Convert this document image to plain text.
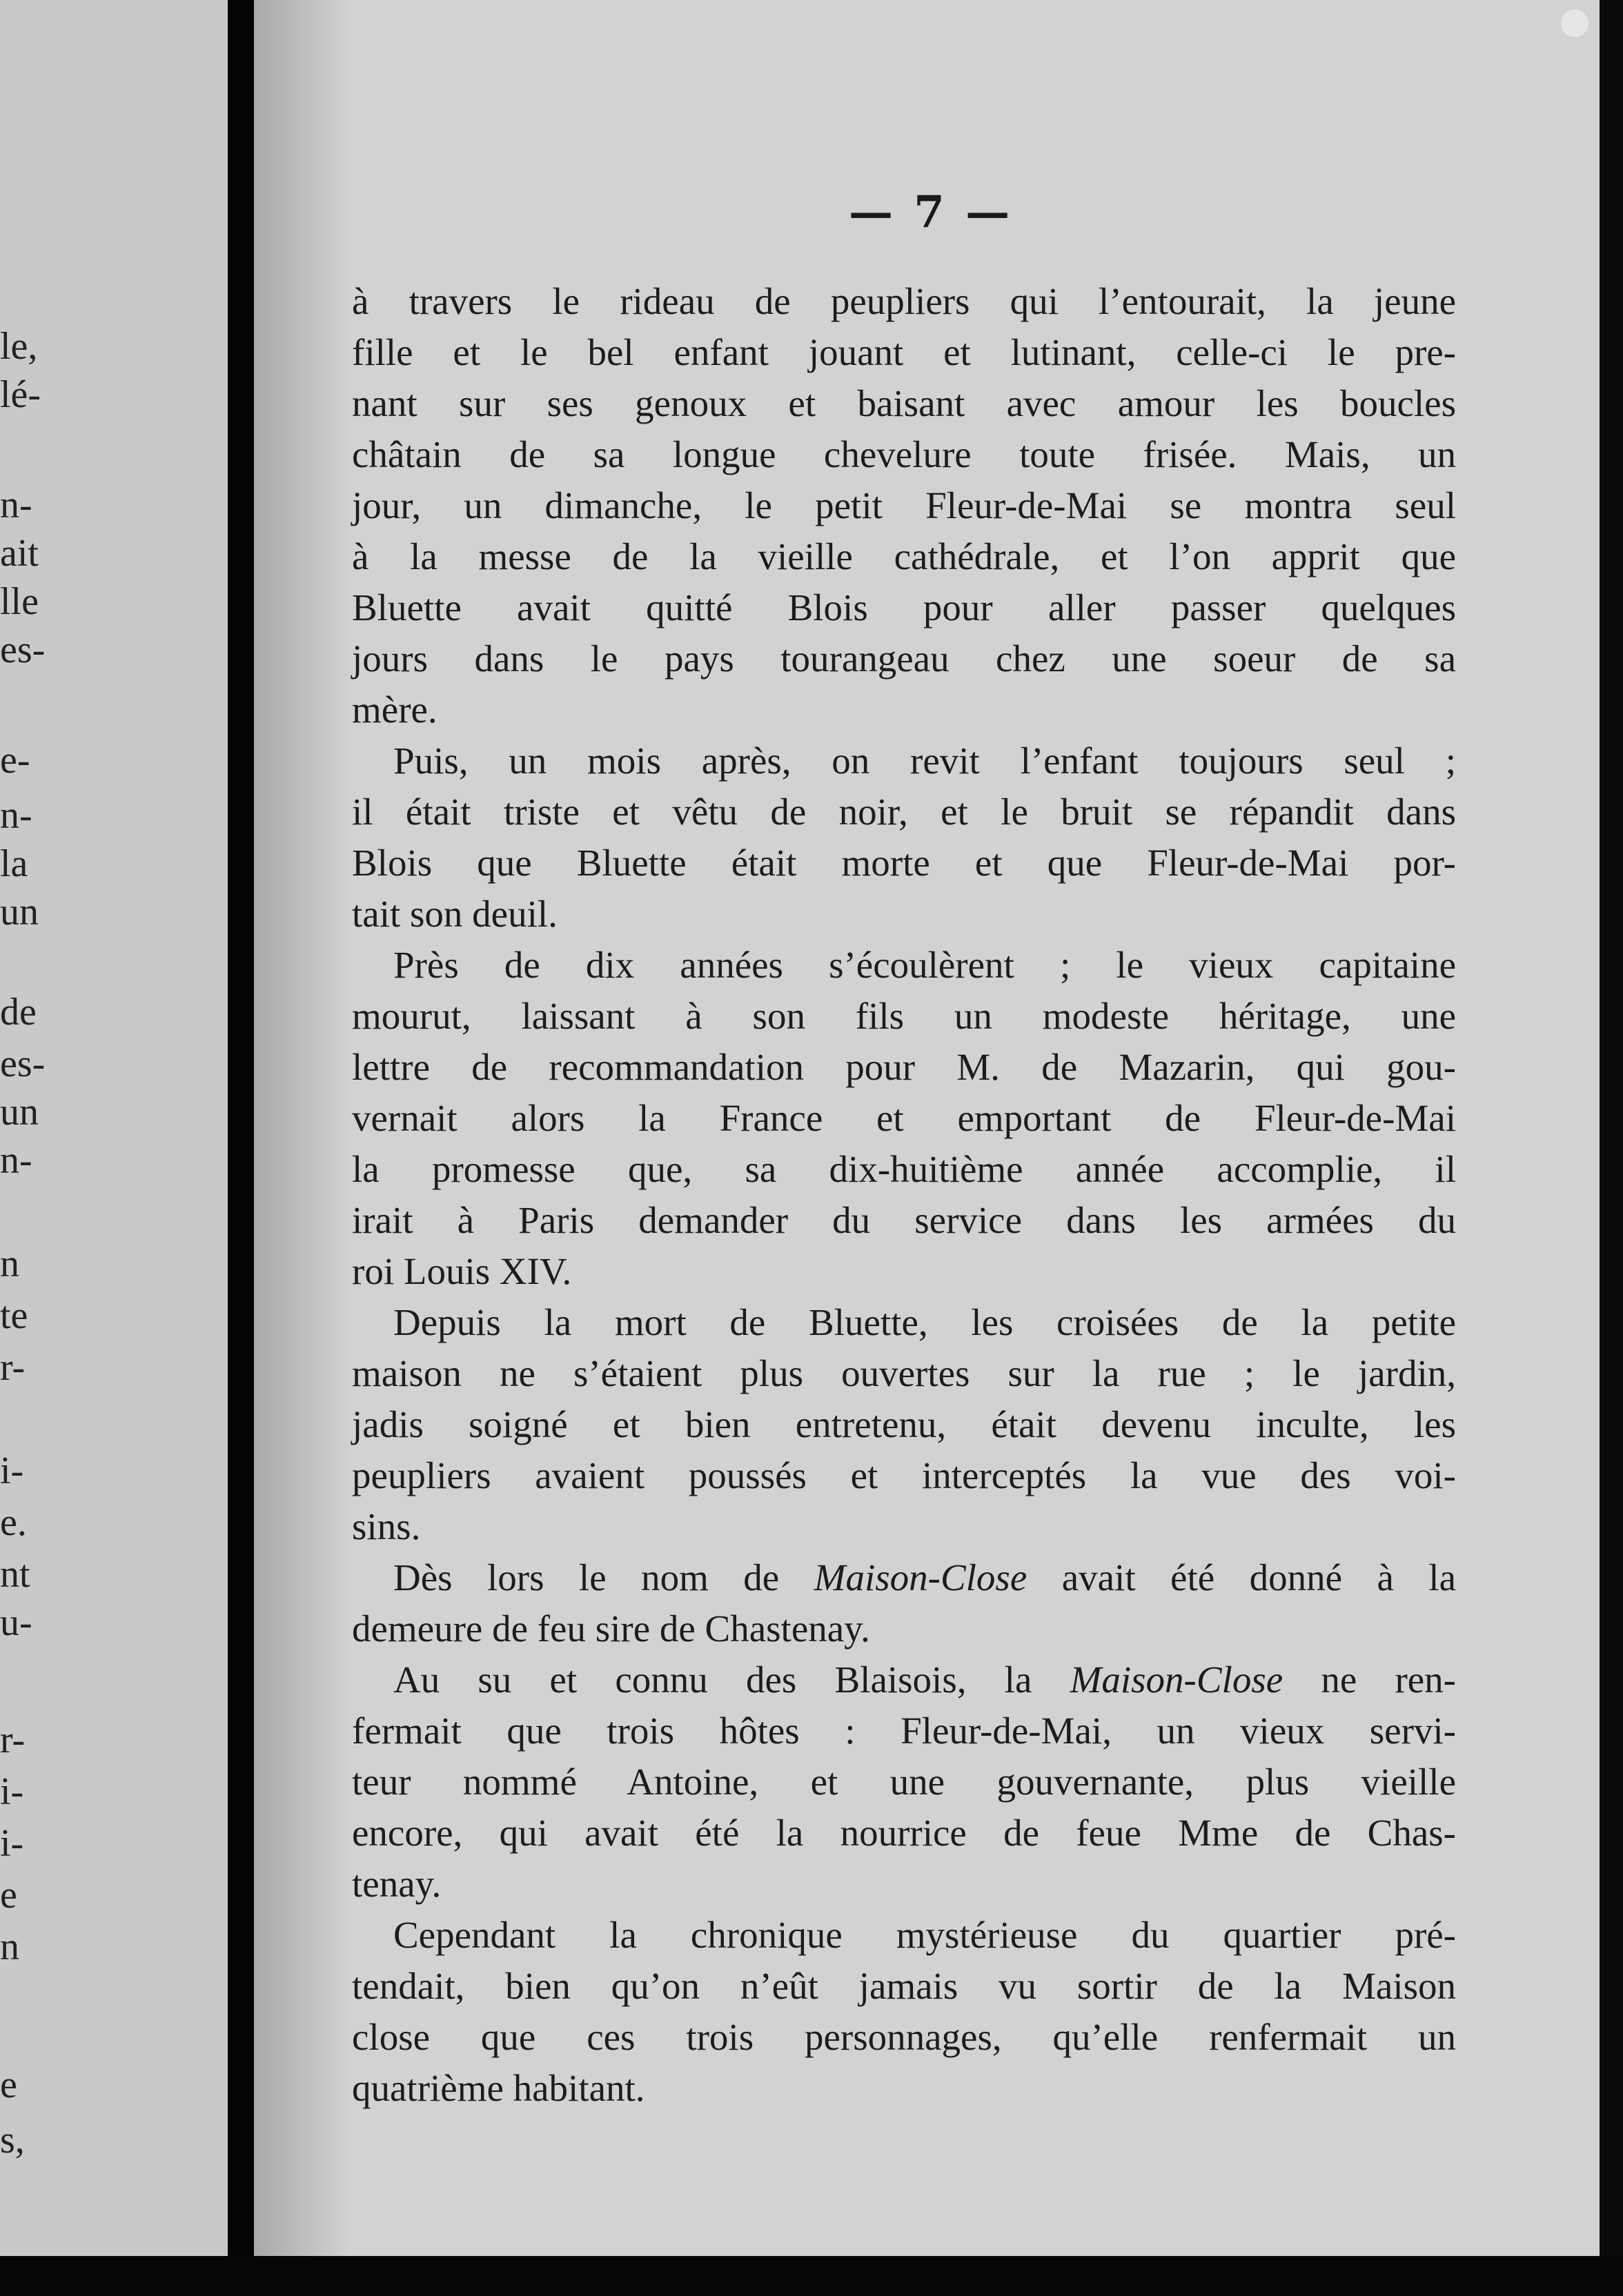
le,
lé-
n-
ait
lle
es-
e-
n-
la
un
de
es-
un
n-
n
te
r-
i-
e.
nt
u-
r-
i-
i-
e
n
e
s,
— 7 —
à travers le rideau de peupliers qui l’entourait, la jeune
fille et le bel enfant jouant et lutinant, celle-ci le pre-
nant sur ses genoux et baisant avec amour les boucles
châtain de sa longue chevelure toute frisée. Mais, un
jour, un dimanche, le petit Fleur-de-Mai se montra seul
à la messe de la vieille cathédrale, et l’on apprit que
Bluette avait quitté Blois pour aller passer quelques
jours dans le pays tourangeau chez une soeur de sa
mère.
Puis, un mois après, on revit l’enfant toujours seul ;
il était triste et vêtu de noir, et le bruit se répandit dans
Blois que Bluette était morte et que Fleur-de-Mai por-
tait son deuil.
Près de dix années s’écoulèrent ; le vieux capitaine
mourut, laissant à son fils un modeste héritage, une
lettre de recommandation pour M. de Mazarin, qui gou-
vernait alors la France et emportant de Fleur-de-Mai
la promesse que, sa dix-huitième année accomplie, il
irait à Paris demander du service dans les armées du
roi Louis XIV.
Depuis la mort de Bluette, les croisées de la petite
maison ne s’étaient plus ouvertes sur la rue ; le jardin,
jadis soigné et bien entretenu, était devenu inculte, les
peupliers avaient poussés et interceptés la vue des voi-
sins.
Dès lors le nom de Maison-Close avait été donné à la
demeure de feu sire de Chastenay.
Au su et connu des Blaisois, la Maison-Close ne ren-
fermait que trois hôtes : Fleur-de-Mai, un vieux servi-
teur nommé Antoine, et une gouvernante, plus vieille
encore, qui avait été la nourrice de feue Mme de Chas-
tenay.
Cependant la chronique mystérieuse du quartier pré-
tendait, bien qu’on n’eût jamais vu sortir de la Maison
close que ces trois personnages, qu’elle renfermait un
quatrième habitant.
